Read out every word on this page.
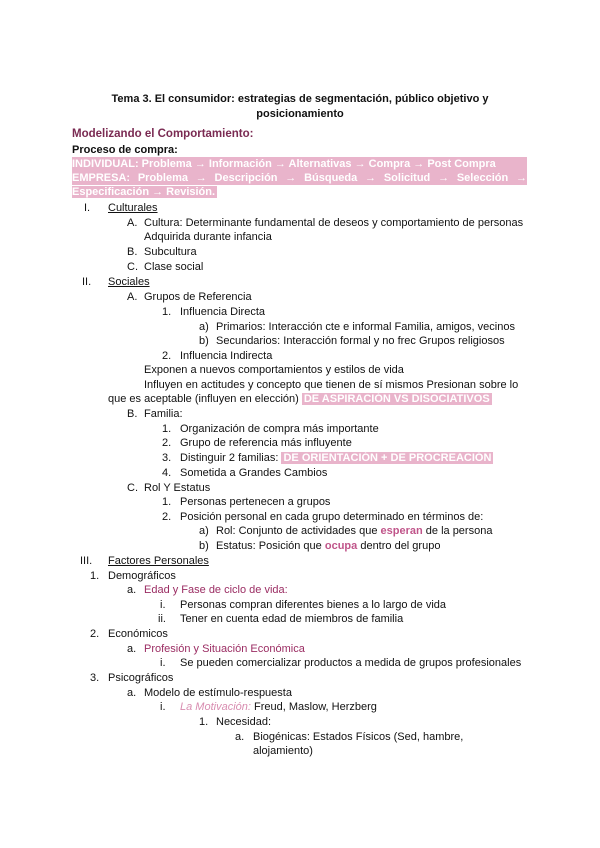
Tema 3. El consumidor: estrategias de segmentación, público objetivo y
posicionamiento
Modelizando el Comportamiento:
Proceso de compra:
INDIVIDUAL: Problema → Información → Alternativas → Compra → Post Compra
EMPRESA: Problema → Descripción → Búsqueda → Solicitud → Selección →
Especificación → Revisión.
I. Culturales
A. Cultura: Determinante fundamental de deseos y comportamiento de personas
Adquirida durante infancia
B. Subcultura
C. Clase social
II. Sociales
A. Grupos de Referencia
1. Influencia Directa
a) Primarios: Interacción cte e informal Familia, amigos, vecinos
b) Secundarios: Interacción formal y no frec Grupos religiosos
2. Influencia Indirecta
Exponen a nuevos comportamientos y estilos de vida
Influyen en actitudes y concepto que tienen de sí mismos Presionan sobre lo
que es aceptable (influyen en elección) DE ASPIRACIÓN VS DISOCIATIVOS
B. Familia:
1. Organización de compra más importante
2. Grupo de referencia más influyente
3. Distinguir 2 familias: DE ORIENTACIÓN + DE PROCREACIÓN
4. Sometida a Grandes Cambios
C. Rol Y Estatus
1. Personas pertenecen a grupos
2. Posición personal en cada grupo determinado en términos de:
a) Rol: Conjunto de actividades que esperan de la persona
b) Estatus: Posición que ocupa dentro del grupo
III. Factores Personales
1. Demográficos
a. Edad y Fase de ciclo de vida:
i. Personas compran diferentes bienes a lo largo de vida
ii. Tener en cuenta edad de miembros de familia
2. Económicos
a. Profesión y Situación Económica
i. Se pueden comercializar productos a medida de grupos profesionales
3. Psicográficos
a. Modelo de estímulo-respuesta
i. La Motivación: Freud, Maslow, Herzberg
1. Necesidad:
a. Biogénicas: Estados Físicos (Sed, hambre,
alojamiento)
